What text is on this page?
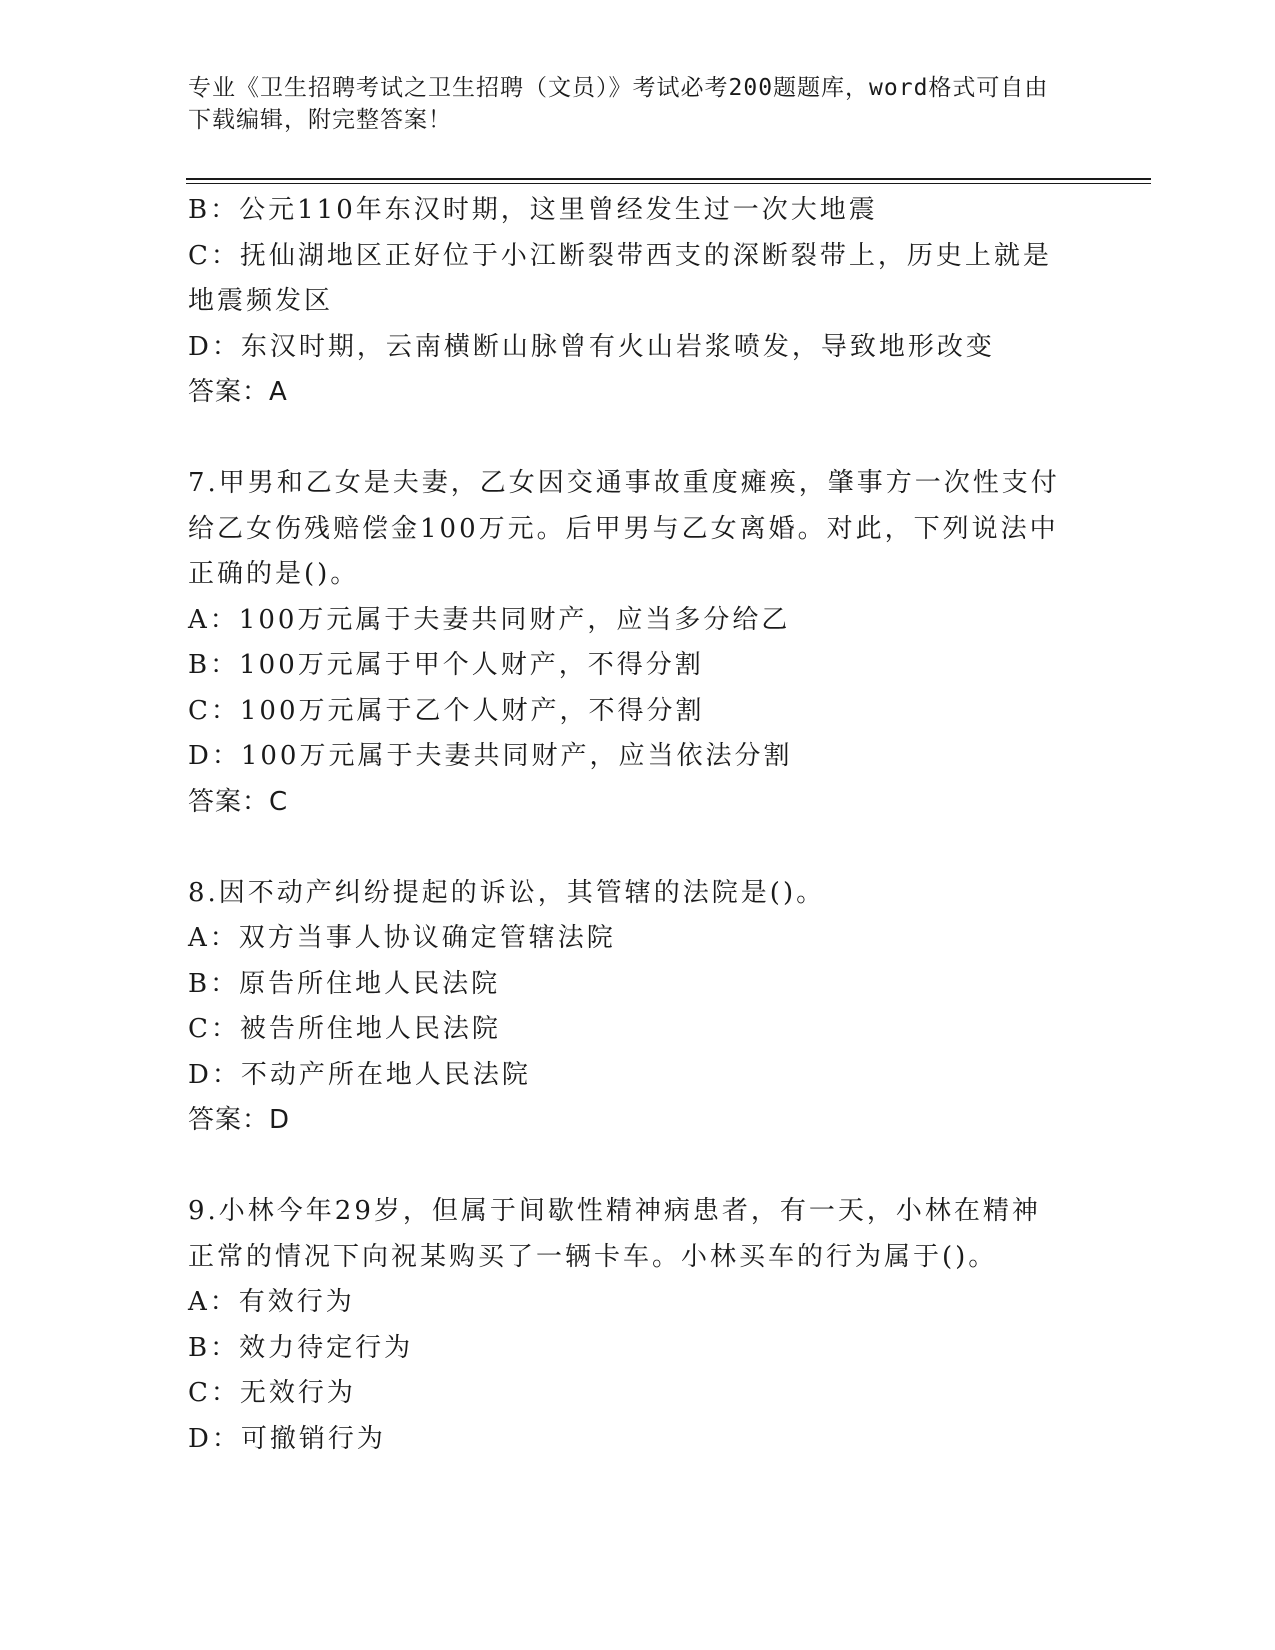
专业《卫生招聘考试之卫生招聘（文员）》考试必考200题题库，word格式可自由下载编辑，附完整答案！
B：公元110年东汉时期，这里曾经发生过一次大地震
C：抚仙湖地区正好位于小江断裂带西支的深断裂带上，历史上就是地震频发区
D：东汉时期，云南横断山脉曾有火山岩浆喷发，导致地形改变
答案：A
7.甲男和乙女是夫妻，乙女因交通事故重度瘫痪，肇事方一次性支付给乙女伤残赔偿金100万元。后甲男与乙女离婚。对此，下列说法中正确的是()。
A：100万元属于夫妻共同财产，应当多分给乙
B：100万元属于甲个人财产，不得分割
C：100万元属于乙个人财产，不得分割
D：100万元属于夫妻共同财产，应当依法分割
答案：C
8.因不动产纠纷提起的诉讼，其管辖的法院是()。
A：双方当事人协议确定管辖法院
B：原告所住地人民法院
C：被告所住地人民法院
D：不动产所在地人民法院
答案：D
9.小林今年29岁，但属于间歇性精神病患者，有一天，小林在精神正常的情况下向祝某购买了一辆卡车。小林买车的行为属于()。
A：有效行为
B：效力待定行为
C：无效行为
D：可撤销行为
